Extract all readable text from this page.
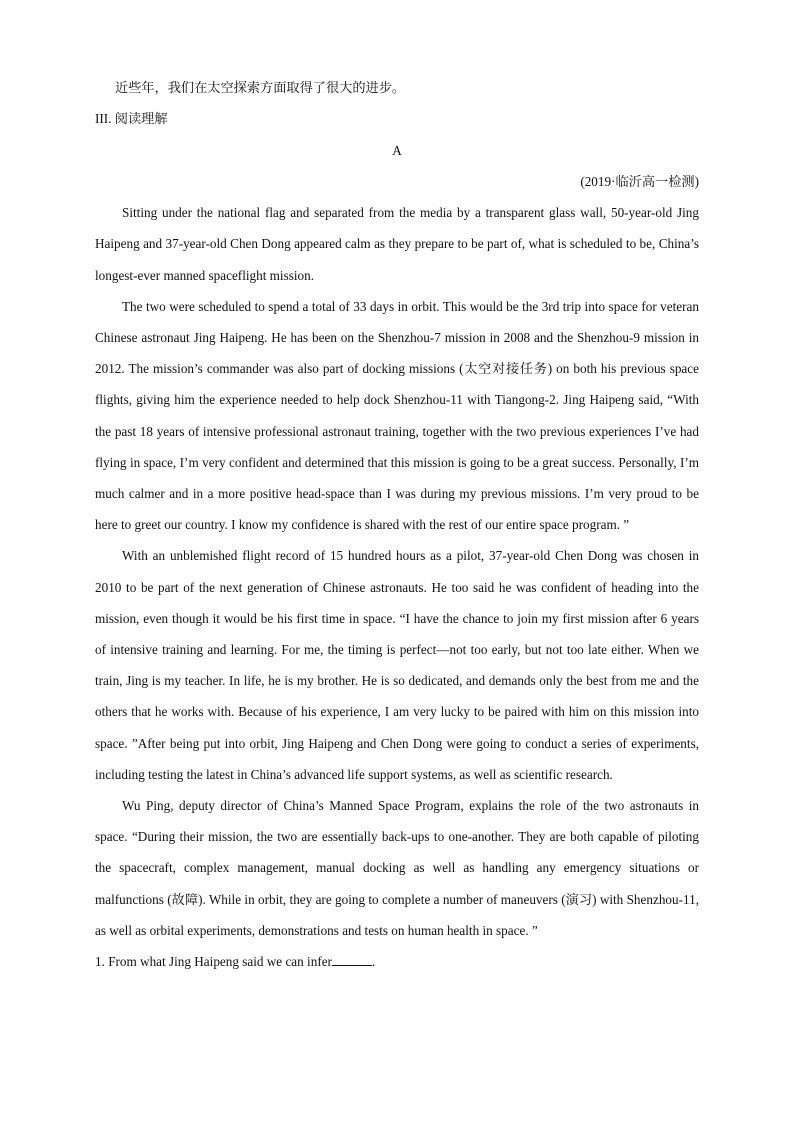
近些年，我们在太空探索方面取得了很大的进步。

III. 阅读理解

A

(2019·临沂高一检测)

Sitting under the national flag and separated from the media by a transparent glass wall, 50-year-old Jing Haipeng and 37-year-old Chen Dong appeared calm as they prepare to be part of, what is scheduled to be, China’s longest-ever manned spaceflight mission.

The two were scheduled to spend a total of 33 days in orbit. This would be the 3rd trip into space for veteran Chinese astronaut Jing Haipeng. He has been on the Shenzhou-7 mission in 2008 and the Shenzhou-9 mission in 2012. The mission’s commander was also part of docking missions (太空对接任务) on both his previous space flights, giving him the experience needed to help dock Shenzhou-11 with Tiangong-2. Jing Haipeng said, “With the past 18 years of intensive professional astronaut training, together with the two previous experiences I’ve had flying in space, I’m very confident and determined that this mission is going to be a great success. Personally, I’m much calmer and in a more positive head-space than I was during my previous missions. I’m very proud to be here to greet our country. I know my confidence is shared with the rest of our entire space program. ”

With an unblemished flight record of 15 hundred hours as a pilot, 37-year-old Chen Dong was chosen in 2010 to be part of the next generation of Chinese astronauts. He too said he was confident of heading into the mission, even though it would be his first time in space. “I have the chance to join my first mission after 6 years of intensive training and learning. For me, the timing is perfect—not too early, but not too late either. When we train, Jing is my teacher. In life, he is my brother. He is so dedicated, and demands only the best from me and the others that he works with. Because of his experience, I am very lucky to be paired with him on this mission into space. ”After being put into orbit, Jing Haipeng and Chen Dong were going to conduct a series of experiments, including testing the latest in China’s advanced life support systems, as well as scientific research.

Wu Ping, deputy director of China’s Manned Space Program, explains the role of the two astronauts in space. “During their mission, the two are essentially back-ups to one-another. They are both capable of piloting the spacecraft, complex management, manual docking as well as handling any emergency situations or malfunctions (故障). While in orbit, they are going to complete a number of maneuvers (演习) with Shenzhou-11, as well as orbital experiments, demonstrations and tests on human health in space. ”

1. From what Jing Haipeng said we can infer	.
